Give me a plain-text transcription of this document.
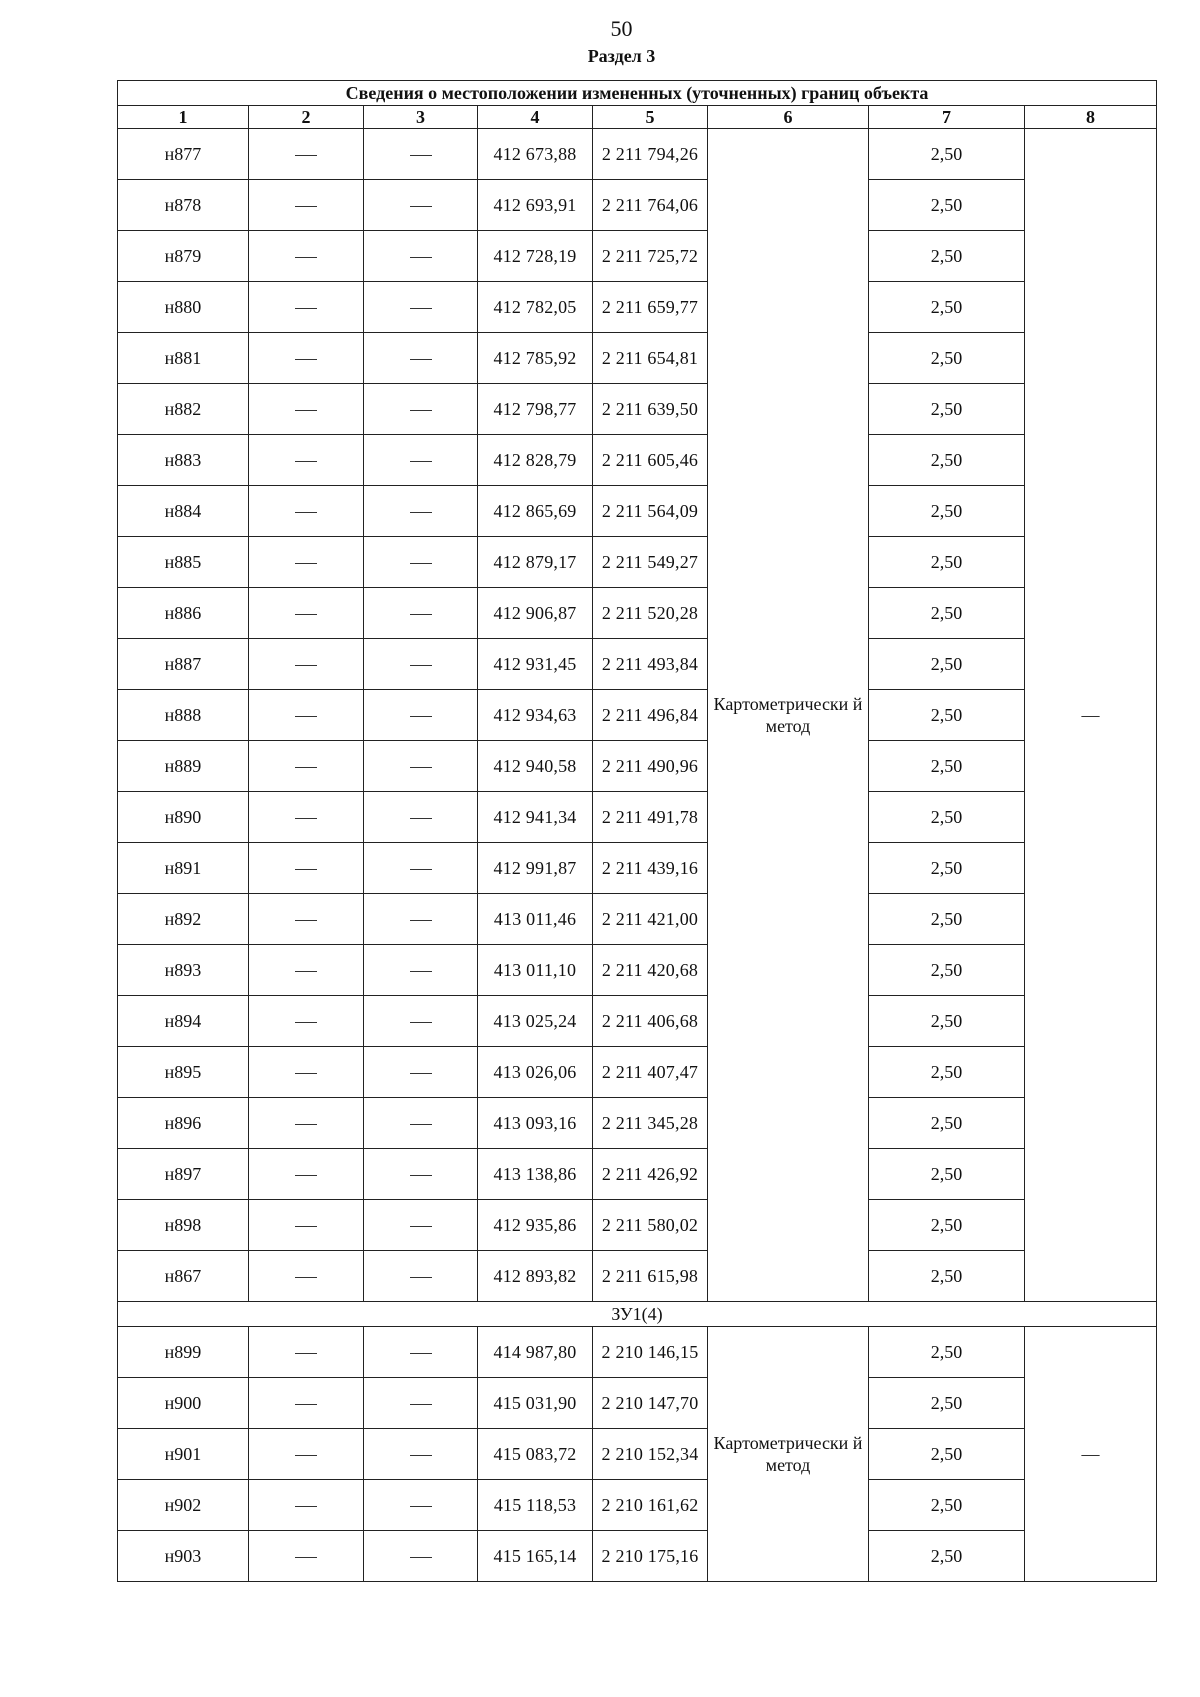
50
Раздел 3
Сведения о местоположении измененных (уточненных) границ объекта							
1	2	3	4	5	6	7	8
н877			412 673,88	2 211 794,26	Картометрически й метод	2,50	—
н878			412 693,91	2 211 764,06		2,50	
н879			412 728,19	2 211 725,72		2,50	
н880			412 782,05	2 211 659,77		2,50	
н881			412 785,92	2 211 654,81		2,50	
н882			412 798,77	2 211 639,50		2,50	
н883			412 828,79	2 211 605,46		2,50	
н884			412 865,69	2 211 564,09		2,50	
н885			412 879,17	2 211 549,27		2,50	
н886			412 906,87	2 211 520,28		2,50	
н887			412 931,45	2 211 493,84		2,50	
н888			412 934,63	2 211 496,84		2,50	
н889			412 940,58	2 211 490,96		2,50	
н890			412 941,34	2 211 491,78		2,50	
н891			412 991,87	2 211 439,16		2,50	
н892			413 011,46	2 211 421,00		2,50	
н893			413 011,10	2 211 420,68		2,50	
н894			413 025,24	2 211 406,68		2,50	
н895			413 026,06	2 211 407,47		2,50	
н896			413 093,16	2 211 345,28		2,50	
н897			413 138,86	2 211 426,92		2,50	
н898			412 935,86	2 211 580,02		2,50	
н867			412 893,82	2 211 615,98		2,50	
ЗУ1(4)							
н899			414 987,80	2 210 146,15	Картометрически й метод	2,50	—
н900			415 031,90	2 210 147,70		2,50	
н901			415 083,72	2 210 152,34		2,50	
н902			415 118,53	2 210 161,62		2,50	
н903			415 165,14	2 210 175,16		2,50	
